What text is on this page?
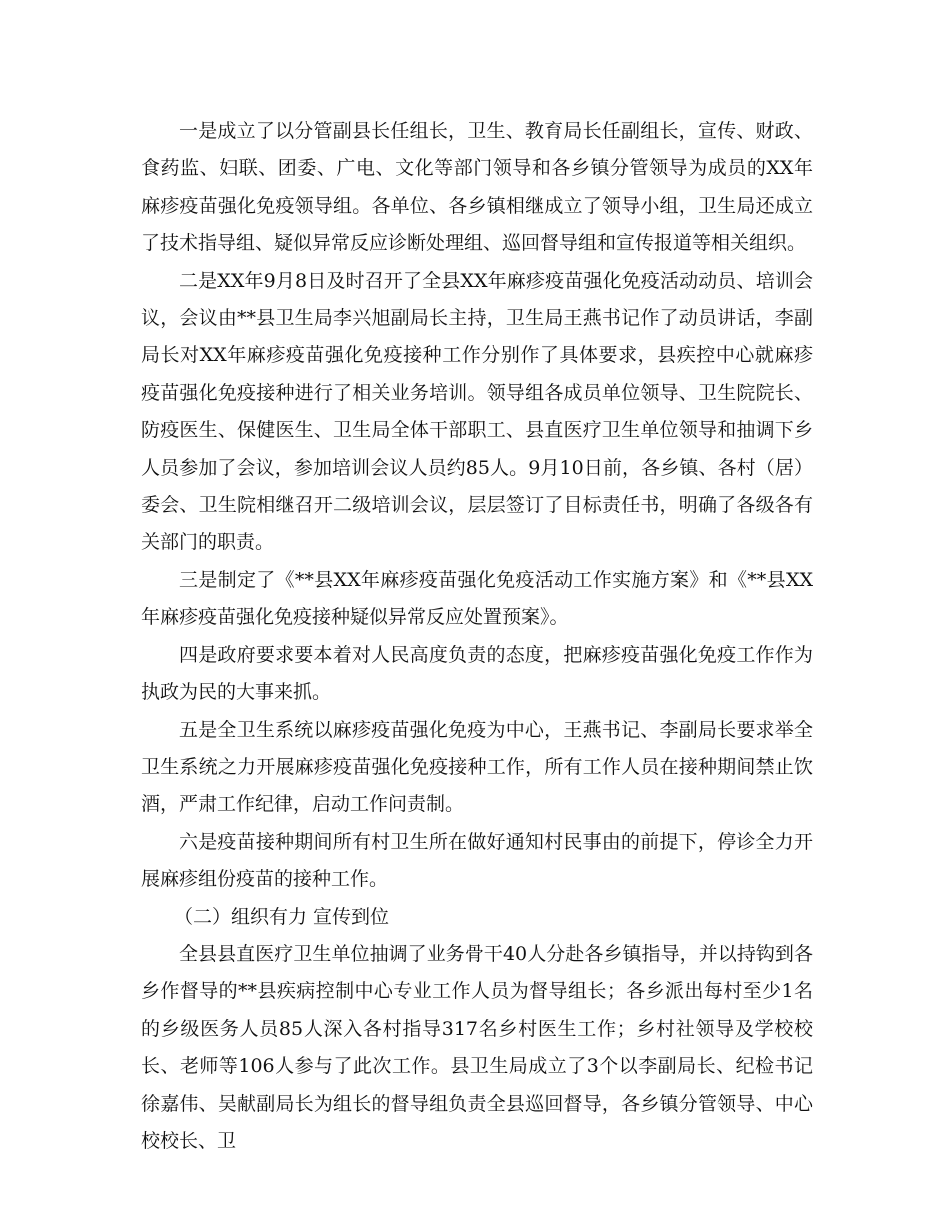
一是成立了以分管副县长任组长，卫生、教育局长任副组长，宣传、财政、食药监、妇联、团委、广电、文化等部门领导和各乡镇分管领导为成员的XX年麻疹疫苗强化免疫领导组。各单位、各乡镇相继成立了领导小组，卫生局还成立了技术指导组、疑似异常反应诊断处理组、巡回督导组和宣传报道等相关组织。

二是XX年9月8日及时召开了全县XX年麻疹疫苗强化免疫活动动员、培训会议，会议由**县卫生局李兴旭副局长主持，卫生局王燕书记作了动员讲话，李副局长对XX年麻疹疫苗强化免疫接种工作分别作了具体要求，县疾控中心就麻疹疫苗强化免疫接种进行了相关业务培训。领导组各成员单位领导、卫生院院长、防疫医生、保健医生、卫生局全体干部职工、县直医疗卫生单位领导和抽调下乡人员参加了会议，参加培训会议人员约85人。9月10日前，各乡镇、各村（居）委会、卫生院相继召开二级培训会议，层层签订了目标责任书，明确了各级各有关部门的职责。

三是制定了《**县XX年麻疹疫苗强化免疫活动工作实施方案》和《**县XX年麻疹疫苗强化免疫接种疑似异常反应处置预案》。

四是政府要求要本着对人民高度负责的态度，把麻疹疫苗强化免疫工作作为执政为民的大事来抓。

五是全卫生系统以麻疹疫苗强化免疫为中心，王燕书记、李副局长要求举全卫生系统之力开展麻疹疫苗强化免疫接种工作，所有工作人员在接种期间禁止饮酒，严肃工作纪律，启动工作问责制。

六是疫苗接种期间所有村卫生所在做好通知村民事由的前提下，停诊全力开展麻疹组份疫苗的接种工作。

（二）组织有力 宣传到位

全县县直医疗卫生单位抽调了业务骨干40人分赴各乡镇指导，并以持钩到各乡作督导的**县疾病控制中心专业工作人员为督导组长；各乡派出每村至少1名的乡级医务人员85人深入各村指导317名乡村医生工作；乡村社领导及学校校长、老师等106人参与了此次工作。县卫生局成立了3个以李副局长、纪检书记徐嘉伟、吴献副局长为组长的督导组负责全县巡回督导，各乡镇分管领导、中心校校长、卫
